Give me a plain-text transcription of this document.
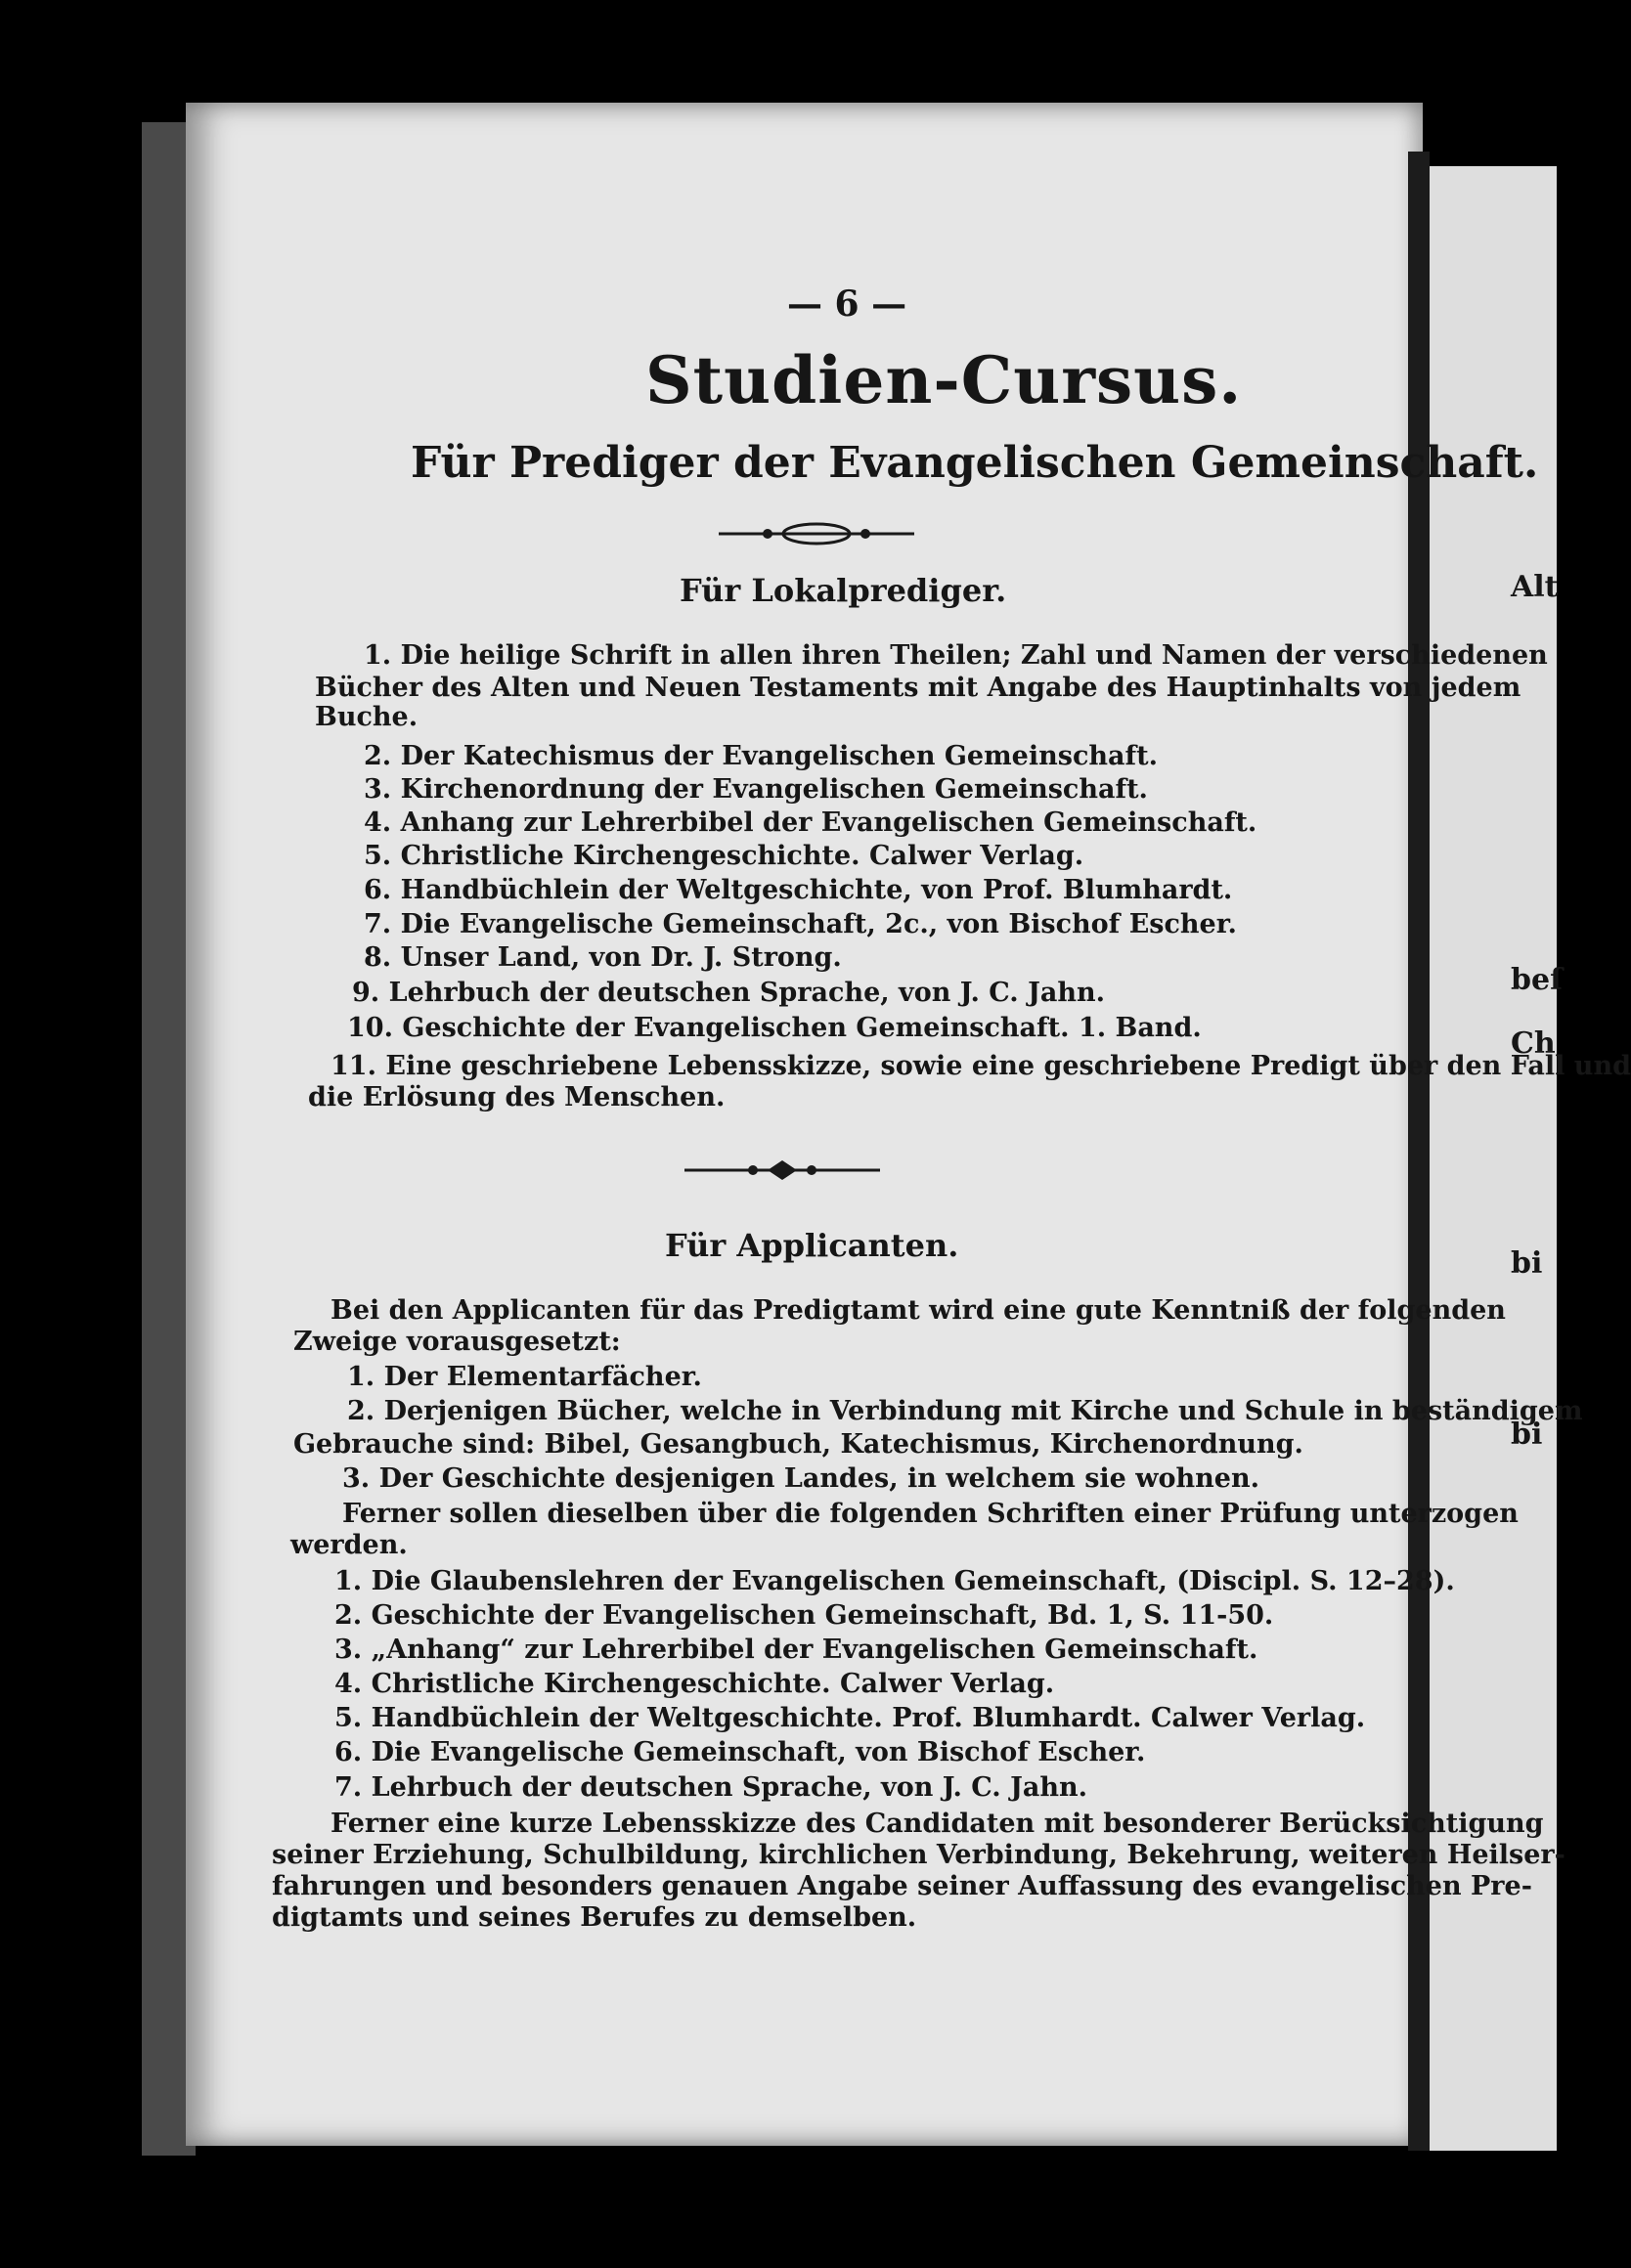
Alt
beſ
Ch
bi
bi
— 6 —
Studien-Cursus.
Für Prediger der Evangelischen Gemeinschaft.
Für Lokalprediger.
1. Die heilige Schrift in allen ihren Theilen; Zahl und Namen der verschiedenen
Bücher des Alten und Neuen Testaments mit Angabe des Hauptinhalts von jedem
Buche.
2. Der Katechismus der Evangelischen Gemeinschaft.
3. Kirchenordnung der Evangelischen Gemeinschaft.
4. Anhang zur Lehrerbibel der Evangelischen Gemeinschaft.
5. Christliche Kirchengeschichte. Calwer Verlag.
6. Handbüchlein der Weltgeschichte, von Prof. Blumhardt.
7. Die Evangelische Gemeinschaft, 2c., von Bischof Escher.
8. Unser Land, von Dr. J. Strong.
9. Lehrbuch der deutschen Sprache, von J. C. Jahn.
10. Geschichte der Evangelischen Gemeinschaft. 1. Band.
11. Eine geschriebene Lebensskizze, sowie eine geschriebene Predigt über den Fall und
die Erlösung des Menschen.
Für Applicanten.
Bei den Applicanten für das Predigtamt wird eine gute Kenntniß der folgenden
Zweige vorausgesetzt:
1. Der Elementarfächer.
2. Derjenigen Bücher, welche in Verbindung mit Kirche und Schule in beständigem
Gebrauche sind: Bibel, Gesangbuch, Katechismus, Kirchenordnung.
3. Der Geschichte desjenigen Landes, in welchem sie wohnen.
Ferner sollen dieselben über die folgenden Schriften einer Prüfung unterzogen
werden.
1. Die Glaubenslehren der Evangelischen Gemeinschaft, (Discipl. S. 12–28).
2. Geschichte der Evangelischen Gemeinschaft, Bd. 1, S. 11-50.
3. „Anhang“ zur Lehrerbibel der Evangelischen Gemeinschaft.
4. Christliche Kirchengeschichte. Calwer Verlag.
5. Handbüchlein der Weltgeschichte. Prof. Blumhardt. Calwer Verlag.
6. Die Evangelische Gemeinschaft, von Bischof Escher.
7. Lehrbuch der deutschen Sprache, von J. C. Jahn.
Ferner eine kurze Lebensskizze des Candidaten mit besonderer Berücksichtigung
seiner Erziehung, Schulbildung, kirchlichen Verbindung, Bekehrung, weiteren Heilser-
fahrungen und besonders genauen Angabe seiner Auffassung des evangelischen Pre-
digtamts und seines Berufes zu demselben.
